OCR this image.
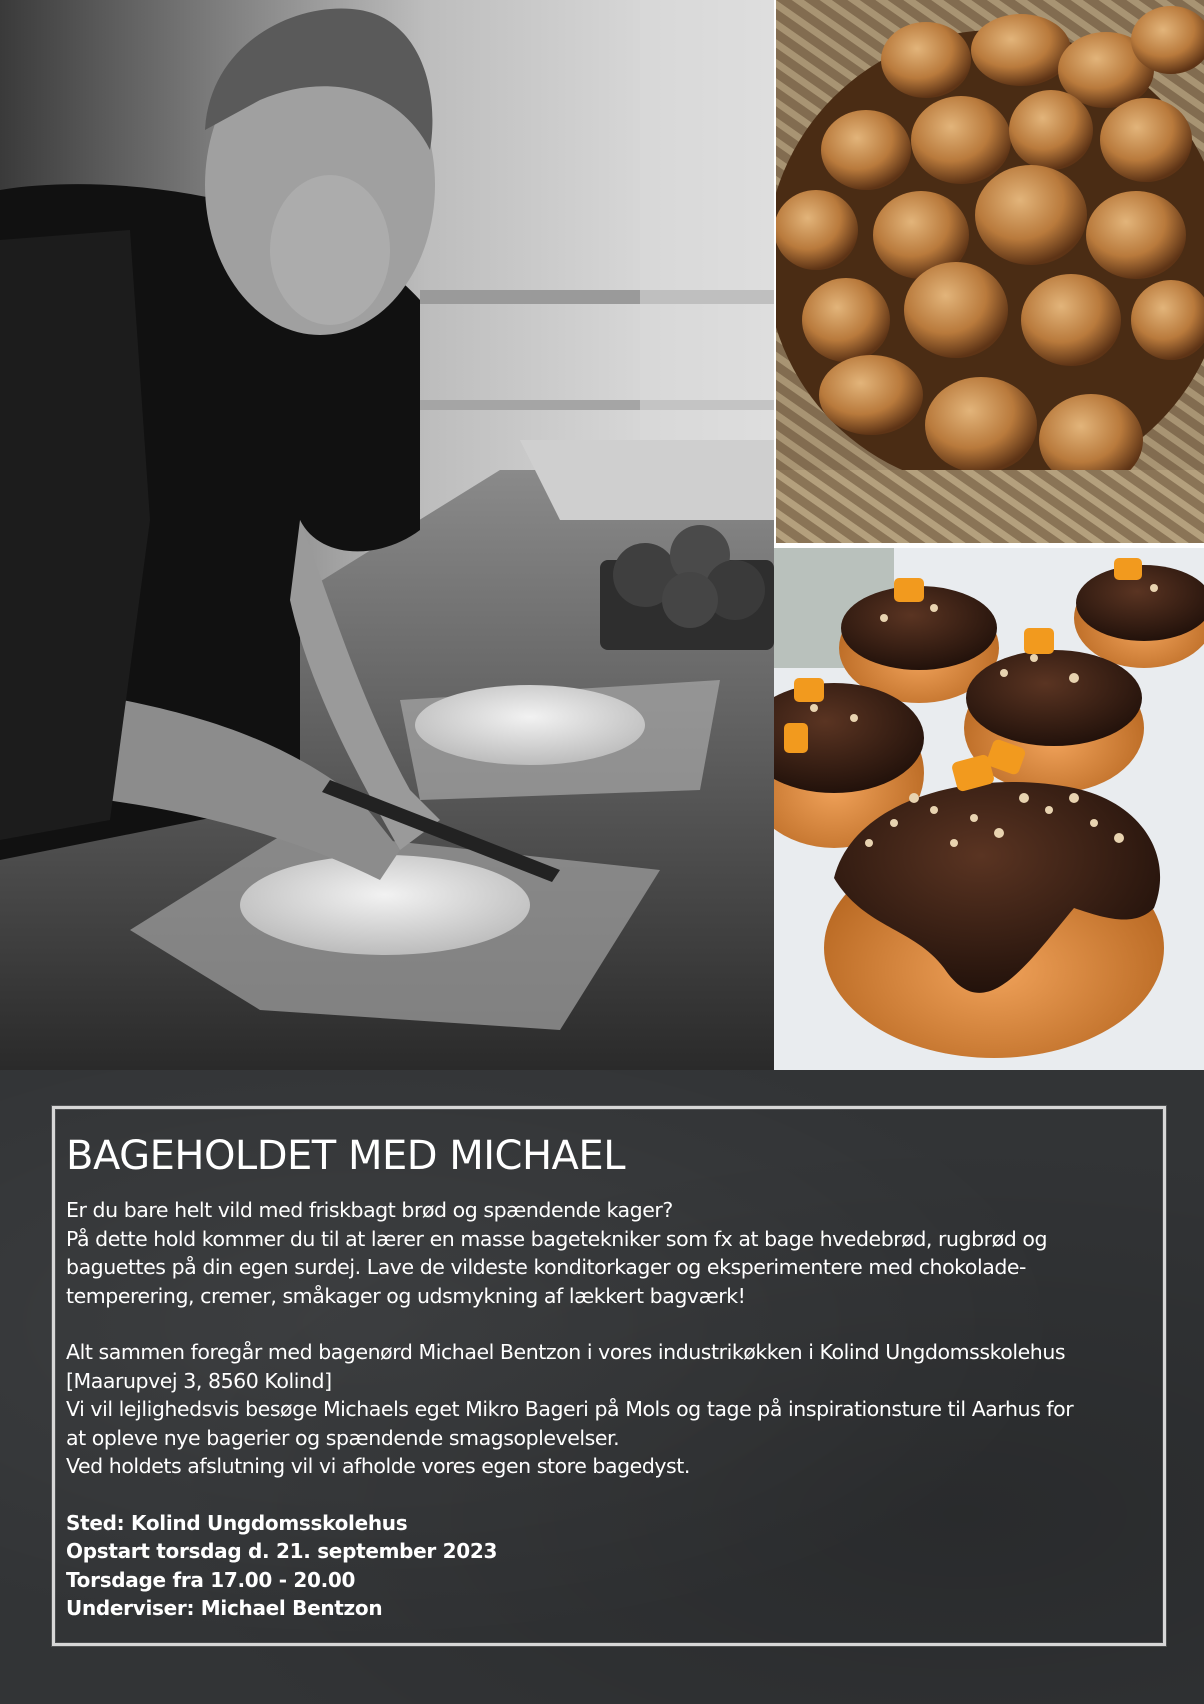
BAGEHOLDET MED MICHAEL

Er du bare helt vild med friskbagt brød og spændende kager?
På dette hold kommer du til at lærer en masse bagetekniker som fx at bage hvedebrød, rugbrød og
baguettes på din egen surdej. Lave de vildeste konditorkager og eksperimentere med chokolade-
temperering, cremer, småkager og udsmykning af lækkert bagværk!

Alt sammen foregår med bagenørd Michael Bentzon i vores industrikøkken i Kolind Ungdomsskolehus
[Maarupvej 3, 8560 Kolind]
Vi vil lejlighedsvis besøge Michaels eget Mikro Bageri på Mols og tage på inspirationsture til Aarhus for
at opleve nye bagerier og spændende smagsoplevelser.
Ved holdets afslutning vil vi afholde vores egen store bagedyst.

Sted: Kolind Ungdomsskolehus
Opstart torsdag d. 21. september 2023
Torsdage fra 17.00 - 20.00
Underviser: Michael Bentzon
